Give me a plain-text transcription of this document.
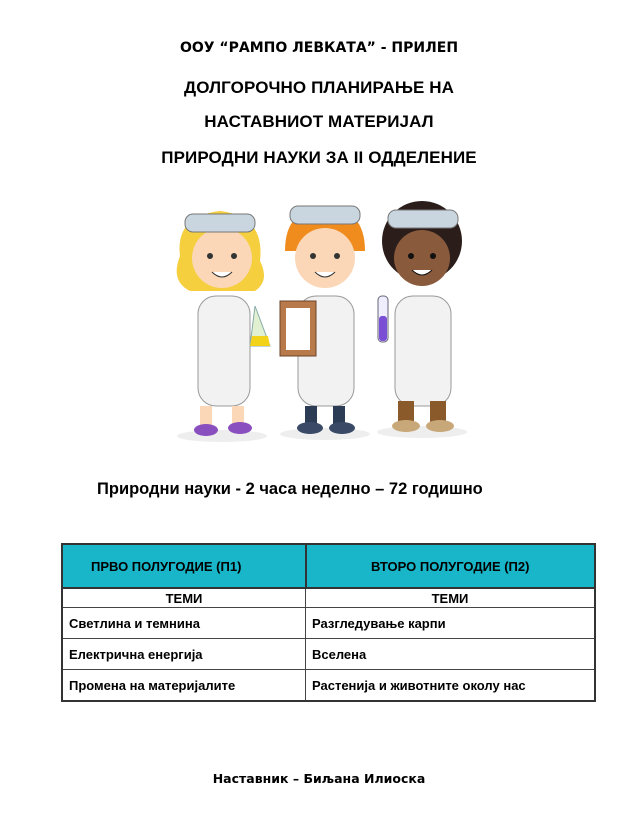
ООУ “РАМПО ЛЕВКАТА” - ПРИЛЕП
ДОЛГОРОЧНО ПЛАНИРАЊЕ НА
НАСТАВНИОТ МАТЕРИЈАЛ
ПРИРОДНИ НАУКИ ЗА II ОДДЕЛЕНИЕ
Природни науки - 2 часа неделно – 72 годишно
ПРВО ПОЛУГОДИЕ (П1)	ВТОРО ПОЛУГОДИЕ (П2)
ТЕМИ	ТЕМИ
Светлина и темнина	Разгледување карпи
Електрична енергија	Вселена
Промена на материјалите	Растенија и животните околу нас
Наставник – Биљана Илиоска
